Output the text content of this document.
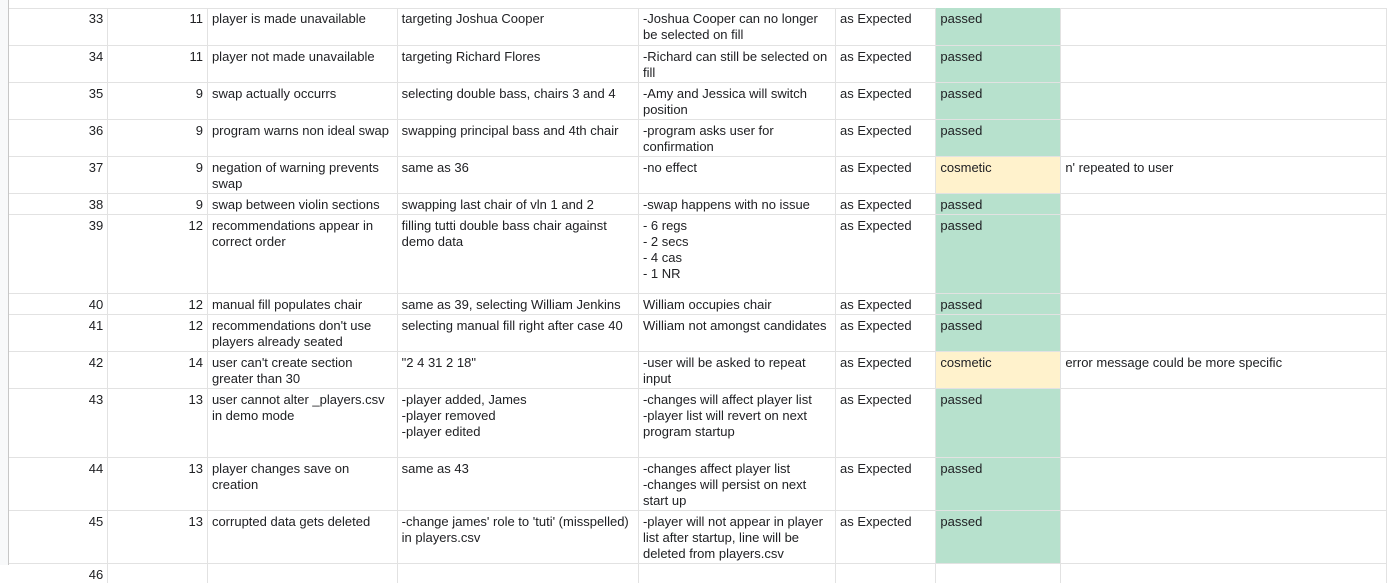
33	11	player is made unavailable	targeting Joshua Cooper	-Joshua Cooper can no longer be selected on fill	as Expected	passed	
34	11	player not made unavailable	targeting Richard Flores	-Richard can still be selected on fill	as Expected	passed	
35	9	swap actually occurrs	selecting double bass, chairs 3 and 4	-Amy and Jessica will switch position	as Expected	passed	
36	9	program warns non ideal swap	swapping principal bass and 4th chair	-program asks user for confirmation	as Expected	passed	
37	9	negation of warning prevents swap	same as 36	-no effect	as Expected	cosmetic	n' repeated to user
38	9	swap between violin sections	swapping last chair of vln 1 and 2	-swap happens with no issue	as Expected	passed	
39	12	recommendations appear in correct order	filling tutti double bass chair against demo data	- 6 regs
- 2 secs
- 4 cas
- 1 NR	as Expected	passed	
40	12	manual fill populates chair	same as 39, selecting William Jenkins	William occupies chair	as Expected	passed	
41	12	recommendations don't use players already seated	selecting manual fill right after case 40	William not amongst candidates	as Expected	passed	
42	14	user can't create section greater than 30	"2 4 31 2 18"	-user will be asked to repeat input	as Expected	cosmetic	error message could be more specific
43	13	user cannot alter _players.csv in demo mode	-player added, James
-player removed
-player edited	-changes will affect player list
-player list will revert on next program startup	as Expected	passed	
44	13	player changes save on creation	same as 43	-changes affect player list
-changes will persist on next start up	as Expected	passed	
45	13	corrupted data gets deleted	-change james' role to 'tuti' (misspelled) in players.csv	-player will not appear in player list after startup, line will be deleted from players.csv	as Expected	passed	
46							
